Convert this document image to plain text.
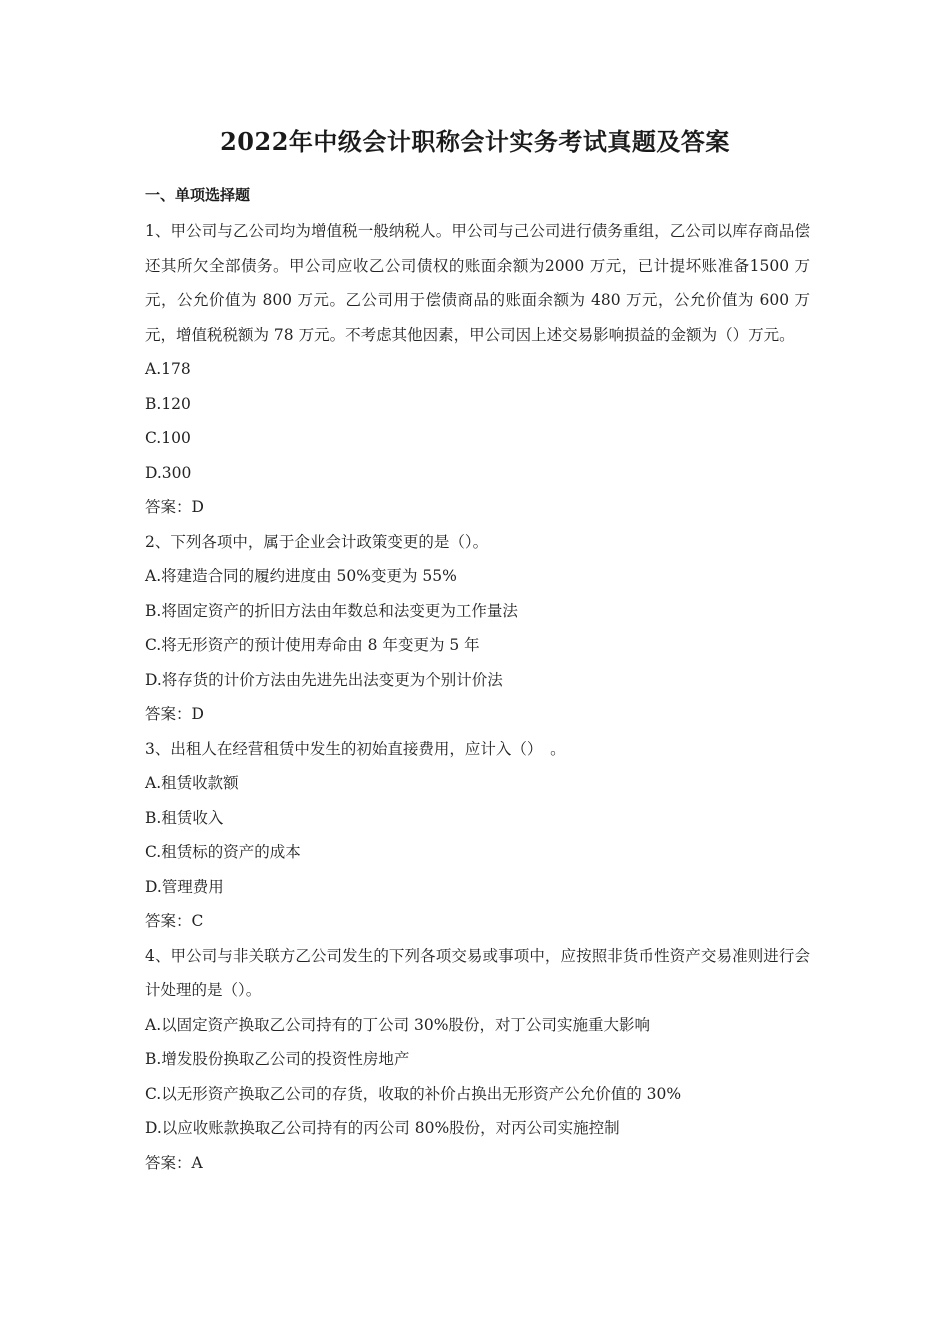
2022年中级会计职称会计实务考试真题及答案
一、单项选择题

1、甲公司与乙公司均为增值税一般纳税人。甲公司与己公司进行债务重组，乙公司以库存商品偿还其所欠全部债务。甲公司应收乙公司债权的账面余额为2000 万元，已计提坏账准备1500 万元，公允价值为 800 万元。乙公司用于偿债商品的账面余额为 480 万元，公允价值为 600 万元，增值税税额为 78 万元。不考虑其他因素，甲公司因上述交易影响损益的金额为（）万元。

A.178

B.120

C.100

D.300

答案：D

2、下列各项中，属于企业会计政策变更的是（）。

A.将建造合同的履约进度由 50%变更为 55%

B.将固定资产的折旧方法由年数总和法变更为工作量法

C.将无形资产的预计使用寿命由 8 年变更为 5 年

D.将存货的计价方法由先进先出法变更为个别计价法

答案：D

3、出租人在经营租赁中发生的初始直接费用，应计入（）　。

A.租赁收款额

B.租赁收入

C.租赁标的资产的成本

D.管理费用

答案：C

4、甲公司与非关联方乙公司发生的下列各项交易或事项中，应按照非货币性资产交易准则进行会计处理的是（）。

A.以固定资产换取乙公司持有的丁公司 30%股份，对丁公司实施重大影响

B.增发股份换取乙公司的投资性房地产

C.以无形资产换取乙公司的存货，收取的补价占换出无形资产公允价值的 30%

D.以应收账款换取乙公司持有的丙公司 80%股份，对丙公司实施控制

答案：A
